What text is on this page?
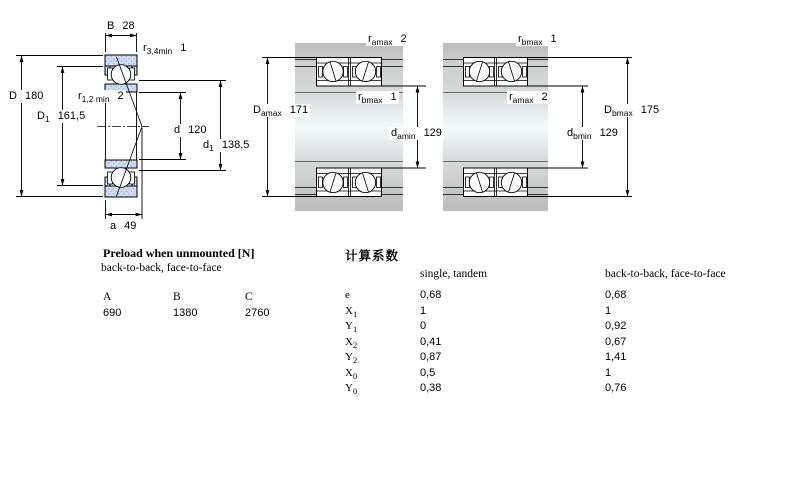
B 28
$r_{3,4min}$ 1
D 180	$r_{1,2 min}$ 2
$D_1$ 161,5
d 120
$d_1$ 138,5
a 49
$r_{amax}$ 2
$r_{bmax}$ 1
$D_{amax}$ 171
$d_{amin}$ 129
$r_{bmax}$ 1
$r_{amax}$ 2
$D_{bmax}$ 175
$d_{bmin}$ 129
Preload when unmounted [N]
back-to-back, face-to-face
A	B	C
690	1380	2760
计算系数
single, tandem	back-to-back, face-to-face
e	0,68	0,68
$X_1$	1	1
$Y_1$	0	0,92
$X_2$	0,41	0,67
$Y_2$	0,87	1,41
$X_0$	0,5	1
$Y_0$	0,38	0,76
